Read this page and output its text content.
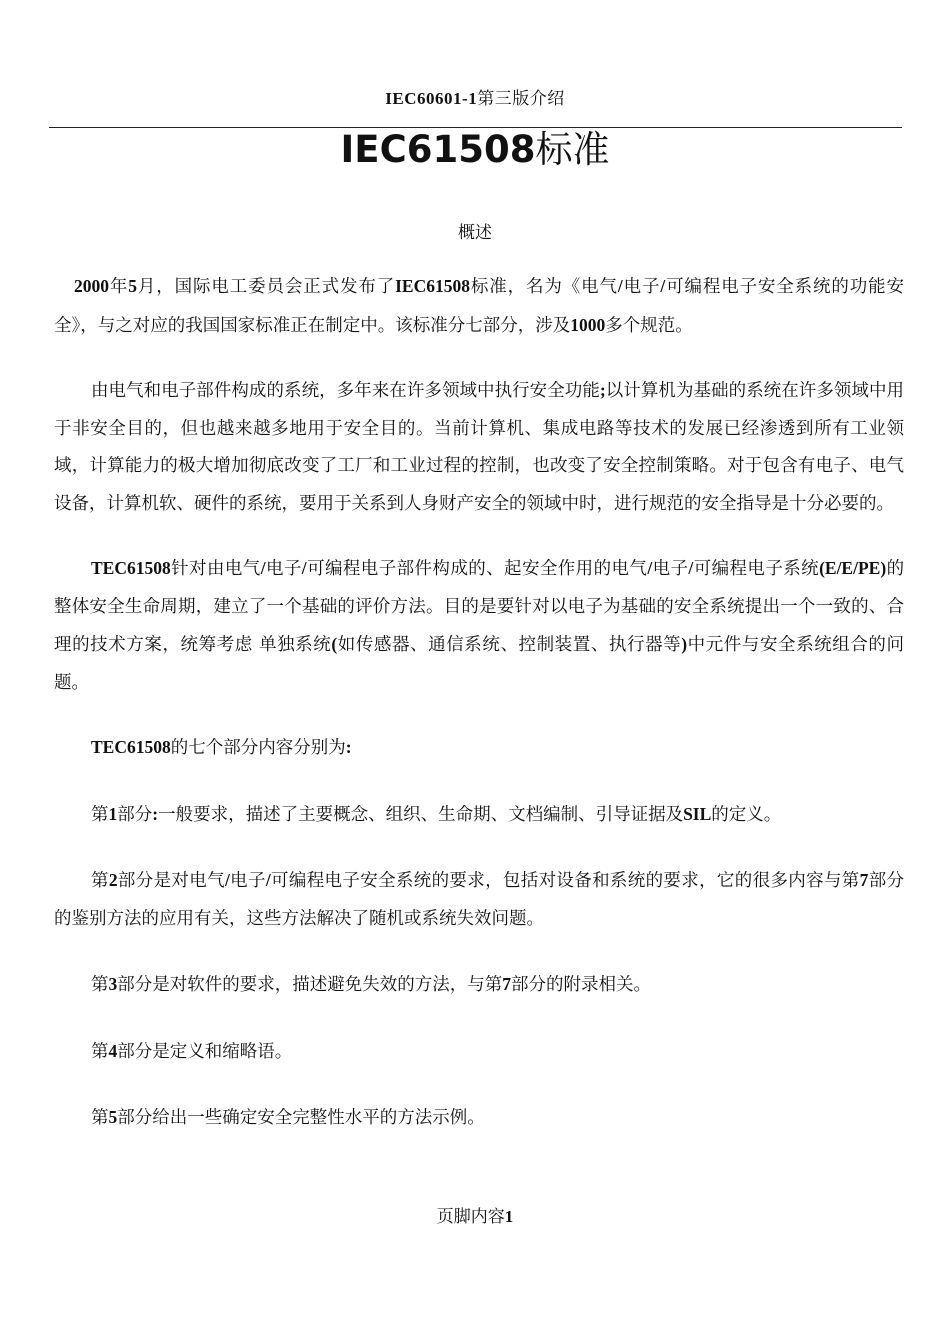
IEC60601-1第三版介绍
IEC61508标准
概述

2000年5月，国际电工委员会正式发布了IEC61508标准，名为《电气/电子/可编程电子安全系统的功能安全》，与之对应的我国国家标准正在制定中。该标准分七部分，涉及1000多个规范。

由电气和电子部件构成的系统，多年来在许多领域中执行安全功能;以计算机为基础的系统在许多领域中用于非安全目的，但也越来越多地用于安全目的。当前计算机、集成电路等技术的发展已经渗透到所有工业领域，计算能力的极大增加彻底改变了工厂和工业过程的控制，也改变了安全控制策略。对于包含有电子、电气设备，计算机软、硬件的系统，要用于关系到人身财产安全的领域中时，进行规范的安全指导是十分必要的。

TEC61508针对由电气/电子/可编程电子部件构成的、起安全作用的电气/电子/可编程电子系统(E/E/PE)的整体安全生命周期，建立了一个基础的评价方法。目的是要针对以电子为基础的安全系统提出一个一致的、合理的技术方案，统筹考虑 单独系统(如传感器、通信系统、控制装置、执行器等)中元件与安全系统组合的问题。

TEC61508的七个部分内容分别为:

第1部分:一般要求，描述了主要概念、组织、生命期、文档编制、引导证据及SIL的定义。

第2部分是对电气/电子/可编程电子安全系统的要求，包括对设备和系统的要求，它的很多内容与第7部分的鉴别方法的应用有关，这些方法解决了随机或系统失效问题。

第3部分是对软件的要求，描述避免失效的方法，与第7部分的附录相关。

第4部分是定义和缩略语。

第5部分给出一些确定安全完整性水平的方法示例。

页脚内容1
